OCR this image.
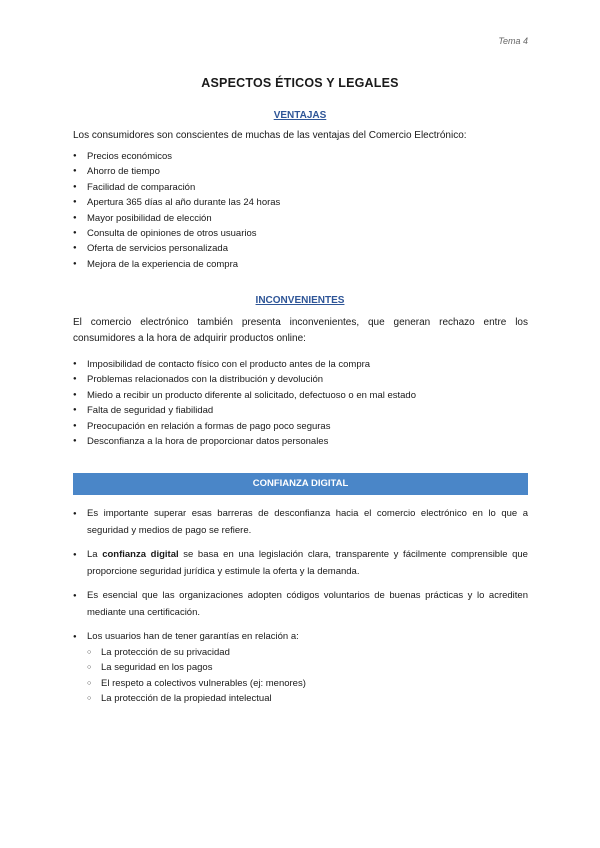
Tema 4
ASPECTOS ÉTICOS Y LEGALES
VENTAJAS
Los consumidores son conscientes de muchas de las ventajas del Comercio Electrónico:
● Precios económicos
● Ahorro de tiempo
● Facilidad de comparación
● Apertura 365 días al año durante las 24 horas
● Mayor posibilidad de elección
● Consulta de opiniones de otros usuarios
● Oferta de servicios personalizada
● Mejora de la experiencia de compra
INCONVENIENTES
El comercio electrónico también presenta inconvenientes, que generan rechazo entre los consumidores a la hora de adquirir productos online:
● Imposibilidad de contacto físico con el producto antes de la compra
● Problemas relacionados con la distribución y devolución
● Miedo a recibir un producto diferente al solicitado, defectuoso o en mal estado
● Falta de seguridad y fiabilidad
● Preocupación en relación a formas de pago poco seguras
● Desconfianza a la hora de proporcionar datos personales
CONFIANZA DIGITAL
● Es importante superar esas barreras de desconfianza hacia el comercio electrónico en lo que a seguridad y medios de pago se refiere.
● La confianza digital se basa en una legislación clara, transparente y fácilmente comprensible que proporcione seguridad jurídica y estimule la oferta y la demanda.
● Es esencial que las organizaciones adopten códigos voluntarios de buenas prácticas y lo acrediten mediante una certificación.
● Los usuarios han de tener garantías en relación a:
○ La protección de su privacidad
○ La seguridad en los pagos
○ El respeto a colectivos vulnerables (ej: menores)
○ La protección de la propiedad intelectual
